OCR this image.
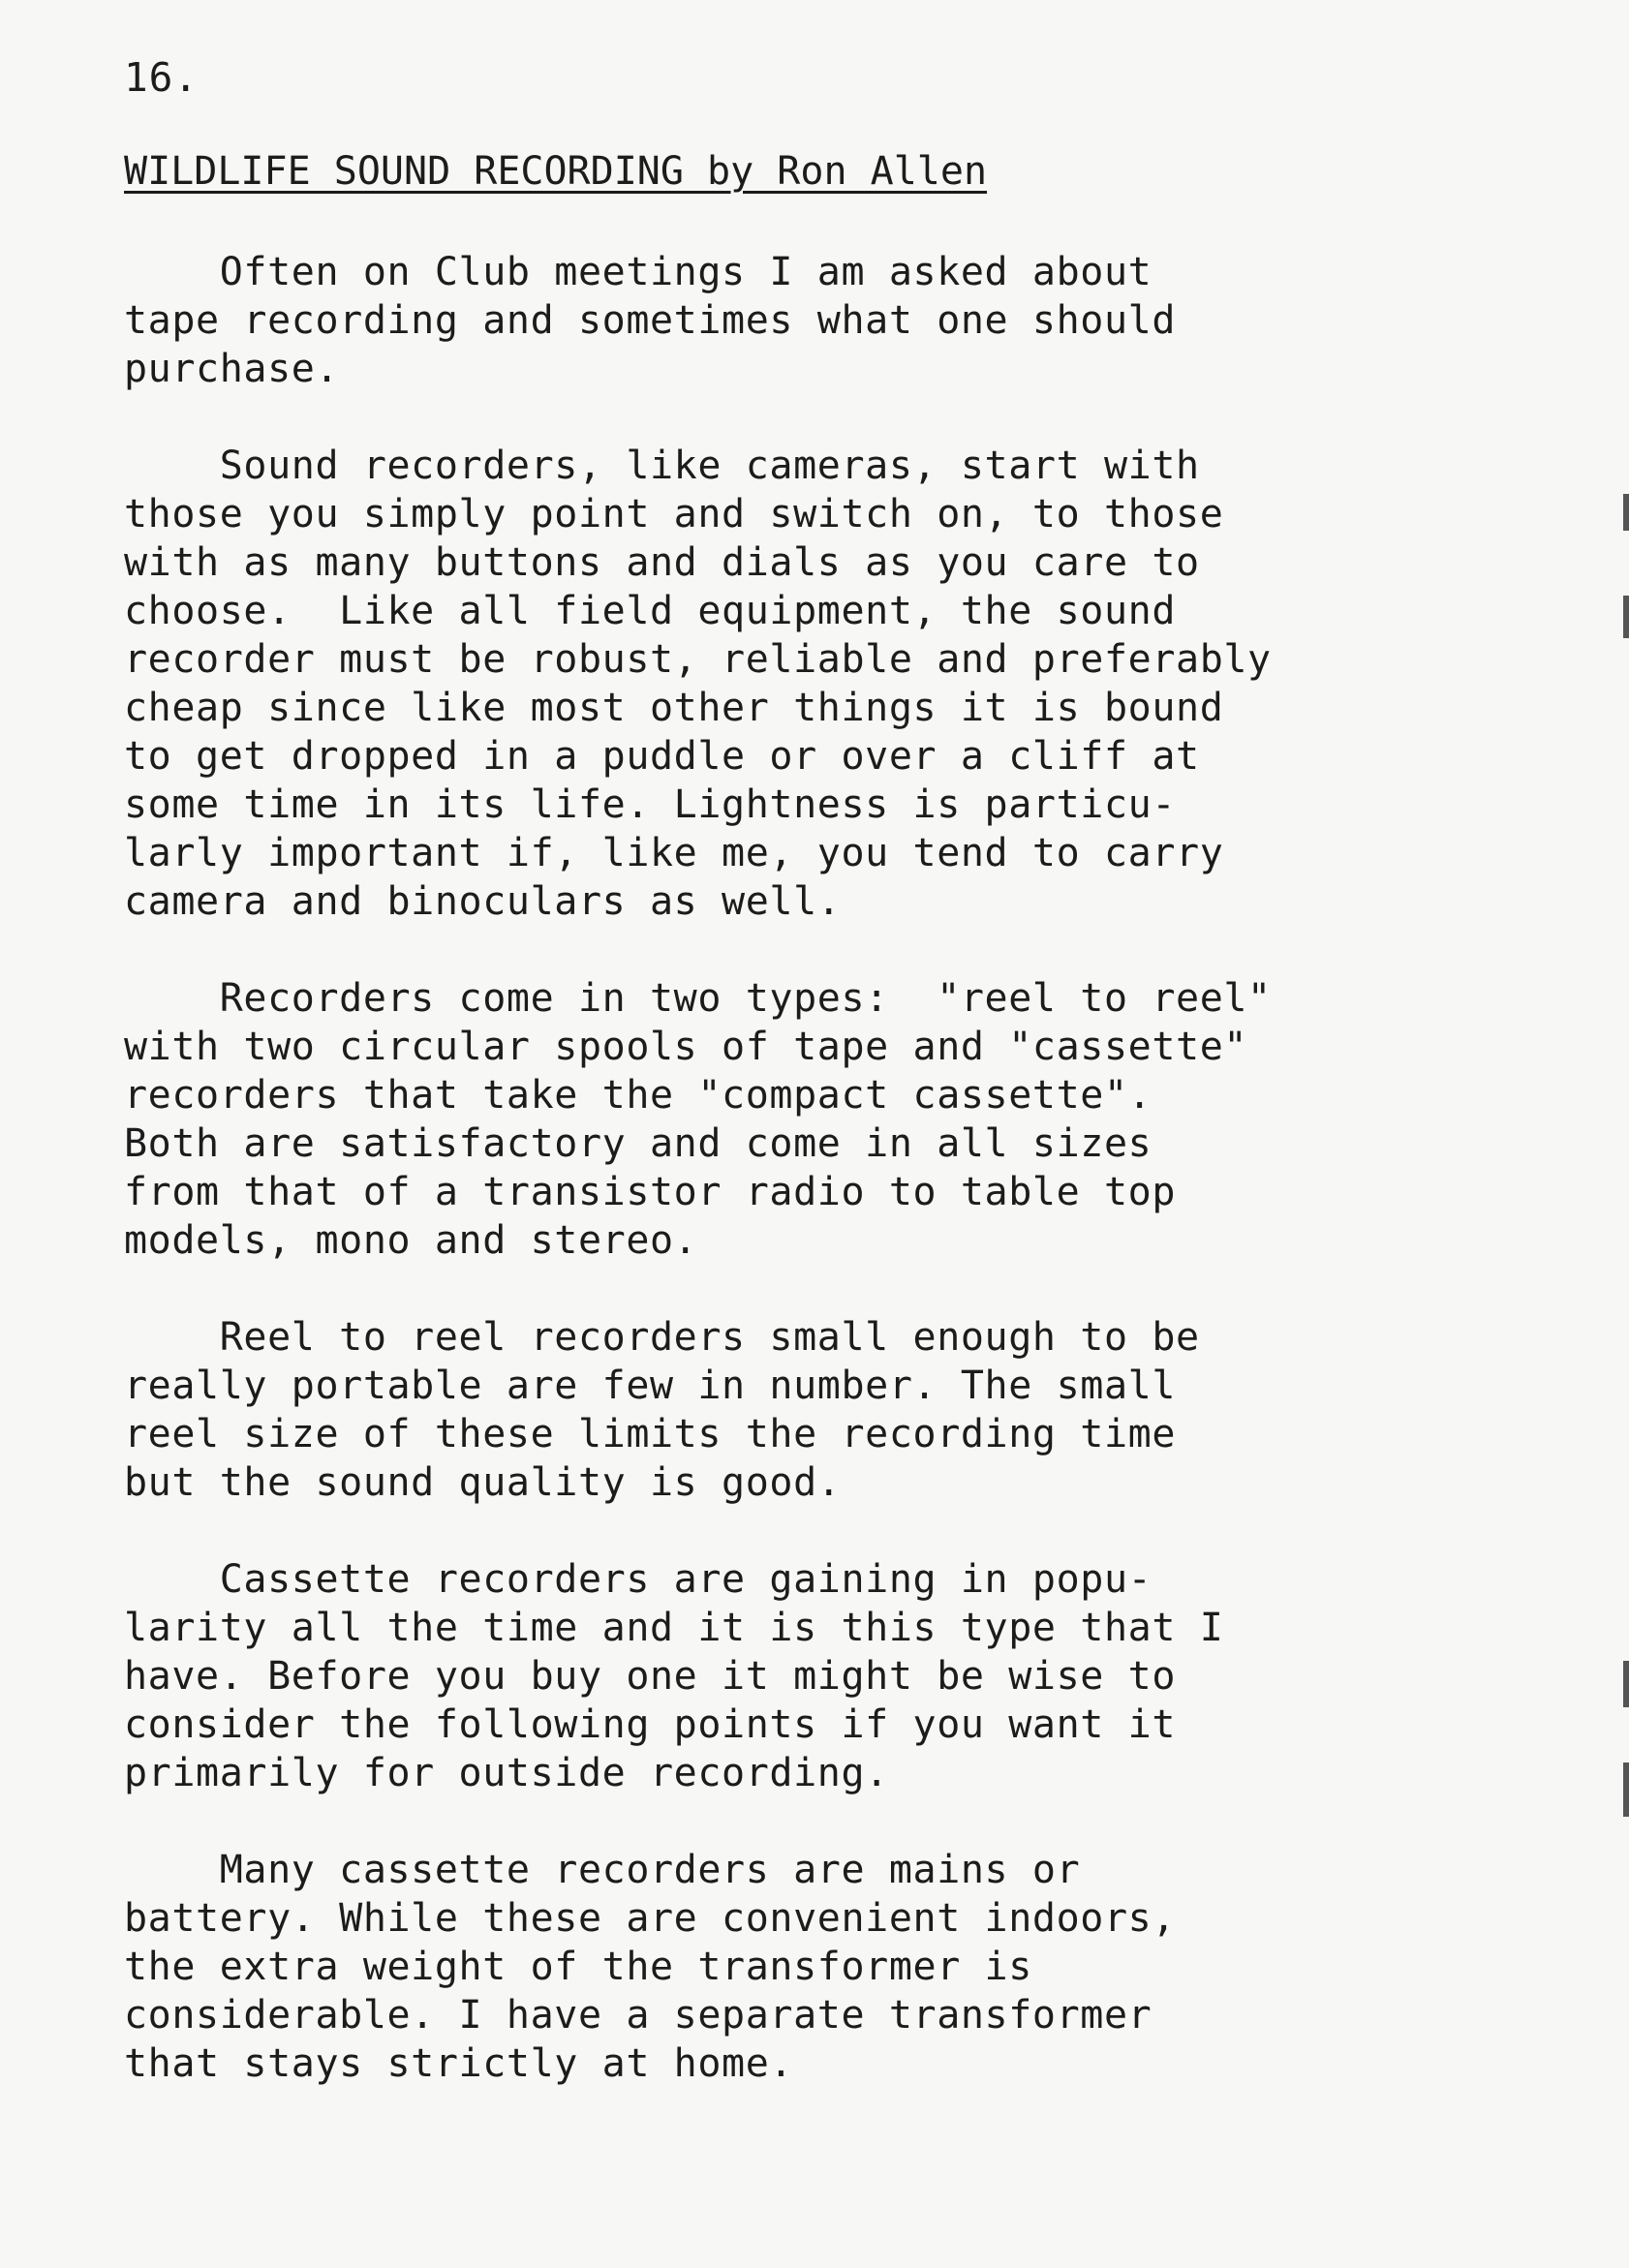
16.
WILDLIFE SOUND RECORDING by Ron Allen
Often on Club meetings I am asked about
tape recording and sometimes what one should
purchase.
Sound recorders, like cameras, start with
those you simply point and switch on, to those
with as many buttons and dials as you care to
choose.  Like all field equipment, the sound
recorder must be robust, reliable and preferably
cheap since like most other things it is bound
to get dropped in a puddle or over a cliff at
some time in its life. Lightness is particu-
larly important if, like me, you tend to carry
camera and binoculars as well.
Recorders come in two types:  "reel to reel"
with two circular spools of tape and "cassette"
recorders that take the "compact cassette".
Both are satisfactory and come in all sizes
from that of a transistor radio to table top
models, mono and stereo.
Reel to reel recorders small enough to be
really portable are few in number. The small
reel size of these limits the recording time
but the sound quality is good.
Cassette recorders are gaining in popu-
larity all the time and it is this type that I
have. Before you buy one it might be wise to
consider the following points if you want it
primarily for outside recording.
Many cassette recorders are mains or
battery. While these are convenient indoors,
the extra weight of the transformer is
considerable. I have a separate transformer
that stays strictly at home.
